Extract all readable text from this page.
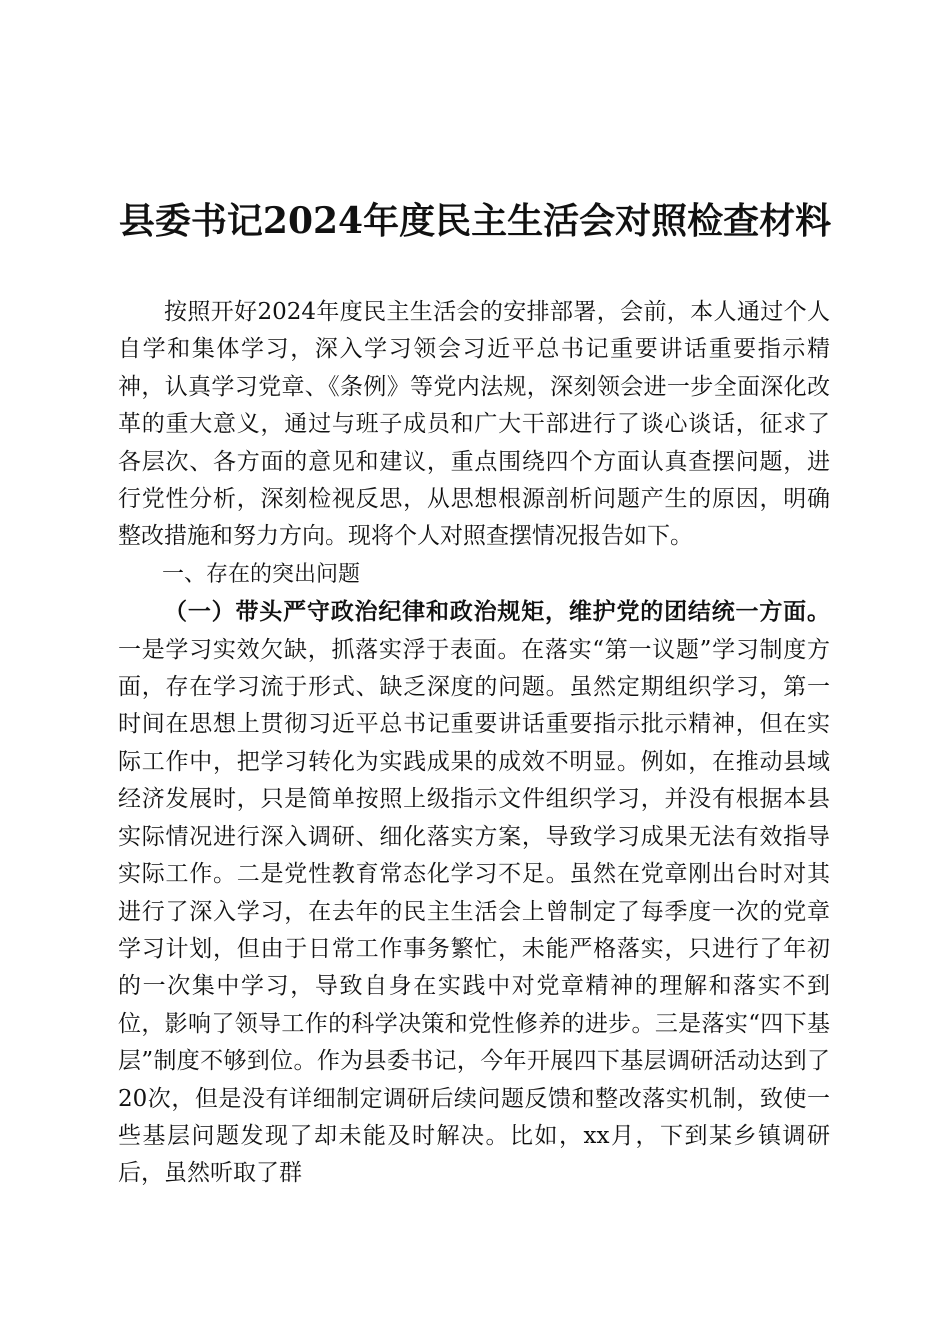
县委书记2024年度民主生活会对照检查材料

按照开好2024年度民主生活会的安排部署，会前，本人通过个人自学和集体学习，深入学习领会习近平总书记重要讲话重要指示精神，认真学习党章、《条例》等党内法规，深刻领会进一步全面深化改革的重大意义，通过与班子成员和广大干部进行了谈心谈话，征求了各层次、各方面的意见和建议，重点围绕四个方面认真查摆问题，进行党性分析，深刻检视反思，从思想根源剖析问题产生的原因，明确整改措施和努力方向。现将个人对照查摆情况报告如下。

一、存在的突出问题

（一）带头严守政治纪律和政治规矩，维护党的团结统一方面。一是学习实效欠缺，抓落实浮于表面。在落实“第一议题”学习制度方面，存在学习流于形式、缺乏深度的问题。虽然定期组织学习，第一时间在思想上贯彻习近平总书记重要讲话重要指示批示精神，但在实际工作中，把学习转化为实践成果的成效不明显。例如，在推动县域经济发展时，只是简单按照上级指示文件组织学习，并没有根据本县实际情况进行深入调研、细化落实方案，导致学习成果无法有效指导实际工作。二是党性教育常态化学习不足。虽然在党章刚出台时对其进行了深入学习，在去年的民主生活会上曾制定了每季度一次的党章学习计划，但由于日常工作事务繁忙，未能严格落实，只进行了年初的一次集中学习，导致自身在实践中对党章精神的理解和落实不到位，影响了领导工作的科学决策和党性修养的进步。三是落实“四下基层”制度不够到位。作为县委书记，今年开展四下基层调研活动达到了20次，但是没有详细制定调研后续问题反馈和整改落实机制，致使一些基层问题发现了却未能及时解决。比如，xx月，下到某乡镇调研后，虽然听取了群
